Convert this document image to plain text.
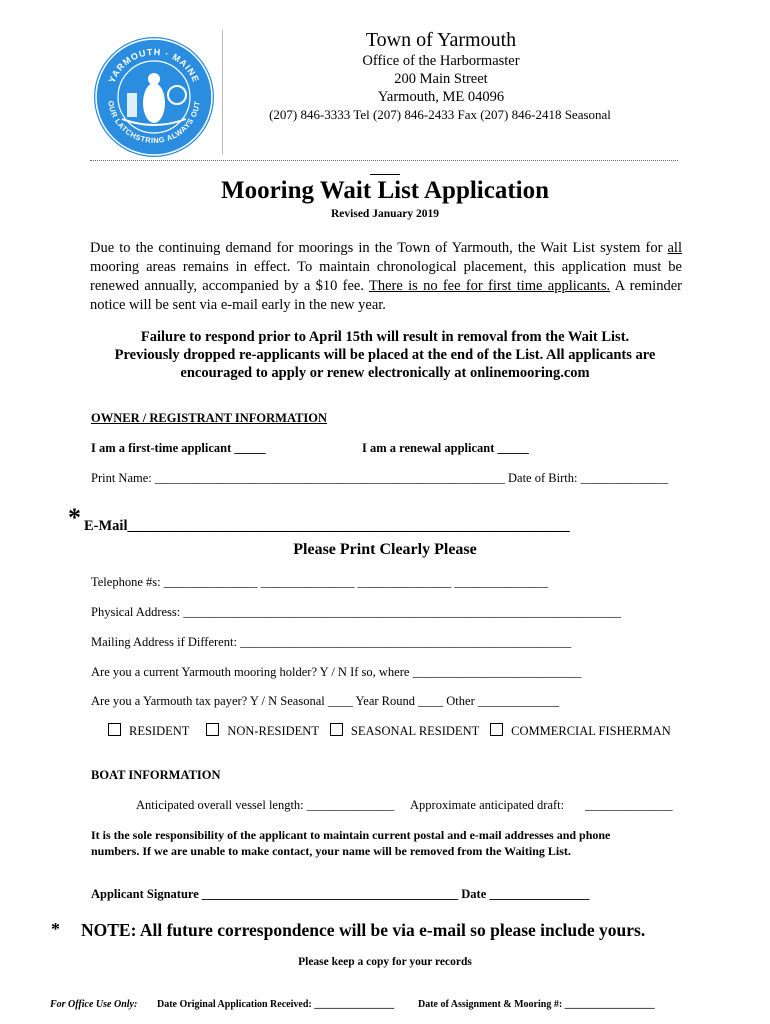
YARMOUTH · MAINE
OUR LATCHSTRING ALWAYS OUT
Town of Yarmouth
Office of the Harbormaster
200 Main Street
Yarmouth, ME 04096
(207) 846-3333 Tel (207) 846-2433 Fax (207) 846-2418 Seasonal
Mooring Wait List Application
Revised January 2019
Due to the continuing demand for moorings in the Town of Yarmouth, the Wait List system for all mooring areas remains in effect. To maintain chronological placement, this application must be renewed annually, accompanied by a $10 fee. There is no fee for first time applicants. A reminder notice will be sent via e-mail early in the new year.
Failure to respond prior to April 15th will result in removal from the Wait List.
Previously dropped re-applicants will be placed at the end of the List. All applicants are
encouraged to apply or renew electronically at onlinemooring.com
OWNER / REGISTRANT INFORMATION
I am a first-time applicant _____	I am a renewal applicant _____
Print Name: ________________________________________________________ Date of Birth: ______________
* E-Mail_____________________________________________________________
Please Print Clearly Please
Telephone #s: _______________ _______________ _______________ _______________
Physical Address: ______________________________________________________________________
Mailing Address if Different: _____________________________________________________
Are you a current Yarmouth mooring holder? Y / N If so, where ___________________________
Are you a Yarmouth tax payer? Y / N Seasonal ____ Year Round ____ Other _____________
RESIDENT	NON-RESIDENT	SEASONAL RESIDENT	COMMERCIAL FISHERMAN
BOAT INFORMATION
Anticipated overall vessel length: ______________ Approximate anticipated draft: ______________
It is the sole responsibility of the applicant to maintain current postal and e-mail addresses and phone
numbers. If we are unable to make contact, your name will be removed from the Waiting List.
Applicant Signature _________________________________________ Date ________________
* NOTE: All future correspondence will be via e-mail so please include yours.
Please keep a copy for your records
For Office Use Only: Date Original Application Received: ________________ Date of Assignment & Mooring #: __________________
